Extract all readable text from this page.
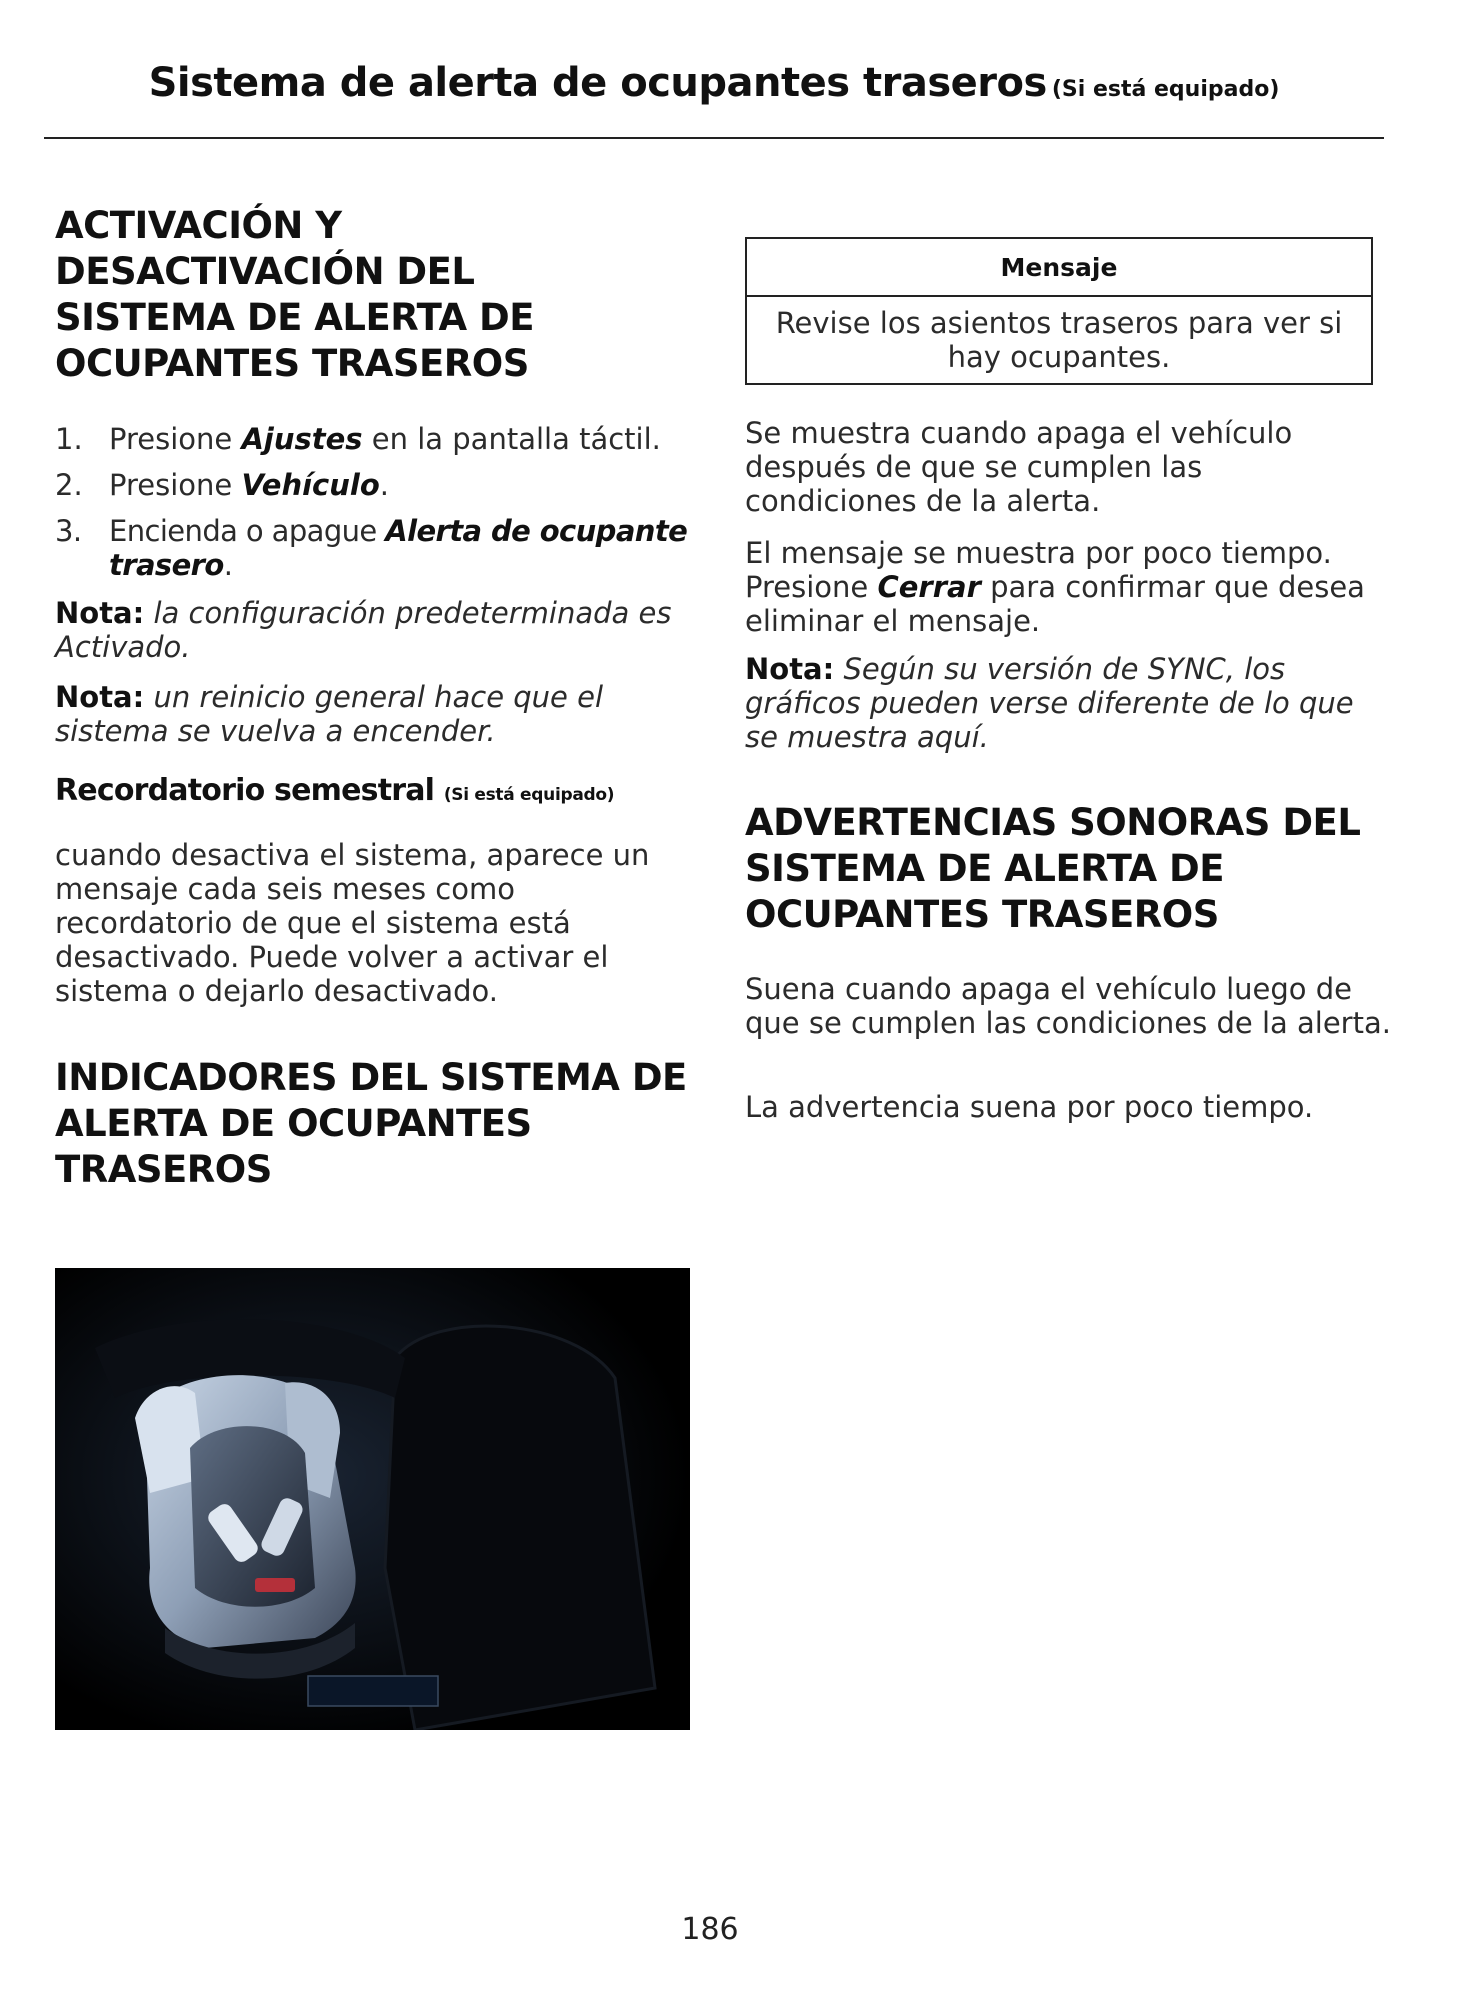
Sistema de alerta de ocupantes traseros (Si está equipado)
ACTIVACIÓN Y DESACTIVACIÓN DEL SISTEMA DE ALERTA DE OCUPANTES TRASEROS
1. Presione Ajustes en la pantalla táctil.
2. Presione Vehículo.
3. Encienda o apague Alerta de ocupante trasero.

Nota: la configuración predeterminada es Activado.

Nota: un reinicio general hace que el sistema se vuelva a encender.

Recordatorio semestral (Si está equipado)

cuando desactiva el sistema, aparece un mensaje cada seis meses como recordatorio de que el sistema está desactivado. Puede volver a activar el sistema o dejarlo desactivado.

INDICADORES DEL SISTEMA DE ALERTA DE OCUPANTES TRASEROS
Mensaje
Revise los asientos traseros para ver si hay ocupantes.

Se muestra cuando apaga el vehículo después de que se cumplen las condiciones de la alerta.

El mensaje se muestra por poco tiempo. Presione Cerrar para confirmar que desea eliminar el mensaje.

Nota: Según su versión de SYNC, los gráficos pueden verse diferente de lo que se muestra aquí.

ADVERTENCIAS SONORAS DEL SISTEMA DE ALERTA DE OCUPANTES TRASEROS

Suena cuando apaga el vehículo luego de que se cumplen las condiciones de la alerta.

La advertencia suena por poco tiempo.

186
